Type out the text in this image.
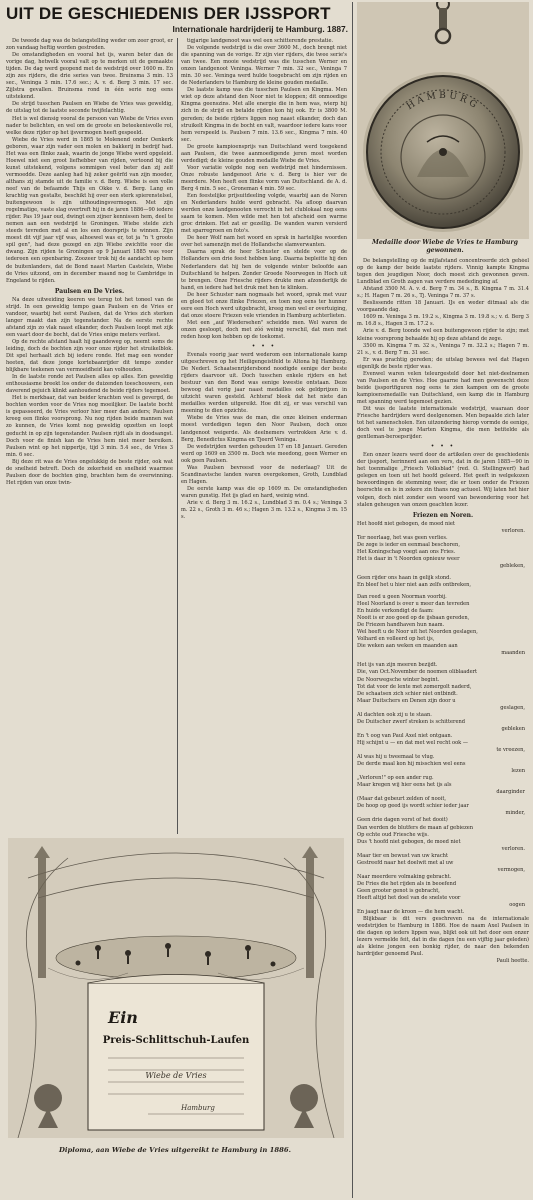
UIT DE GESCHIEDENIS DER IJSSPORT
Internationale hardrijderij te Hamburg. 1887.

De tweede dag was de belangstelling weder om zeer groot, er zon vandaag heftig worden gestreden.

De omstandigheden en vooral het ijs, waren beter dan de vorige dag, hetwelk vooral valt op te merken uit de gemaakte tijden. De dag werd geopend met de wedstrijd over 1600 m. En zijn zes rijders, die drie series van twee. Bruinsma 3 min. 13 sec., Veninga 3 min. 17.6 sec.; A. v. d. Berg 3 min. 17 sec. Zijlstra gevallen. Bruinsma rond in één serie nog eens uitstekend.

De strijd tusschen Paulsen en Wiebe de Vries was geweldig, de uitslag tot de laatste seconde twijfelachtig.

Het is wel diensig vooral de persoon van Wiebe de Vries even nader te belichten, en wel om de groote en beteekenisvolle rol, welke deze rijder op het ijsvermogen heeft gespeeld.

Wiebe de Vries werd in 1865 te Molenend onder Oenkerk geboren, waar zijn vader een molen en bakkerij in bedrijf had. Het was een flinke zaak, waarin de jonge Wiebe werd opgeleid. Hoewel niet een groot liefhebber van rijden, vertoond bij die kunst uitstekend, volgens sommigen veel beter dan zij zelf vermoedde. Deze aanleg had hij zeker geërfd van zijn moeder, althans zij stamde uit de familie v. d. Berg. Wiebe is een volle neef van de befaamde Thijs en Okke v. d. Berg. Lang en krachtig van gestalte, beschikt hij over een sterk spierenstelsel, buitengewoon is zijn uithoudingsvermogen. Met zijn regelmatige, vaste slag overtreft hij in de jaren 1886—90 iedere rijder. Pas 19 jaar oud, dwingt een zijner kennissen hem, deel te nemen aan een wedstrijd te Groningen. Wiebe stelde zich steeds tevreden met al en los een doorsprijs te winnen. Zijn moest dit vijf jaar vijf was, alhoewel was er, tot ja "n 't groote spil gen", had deze gezegd en zijn Wiebe zwichtte voor die dwang. Zijn rijden te Groningen op 9 Januari 1885 was voor iedereen een openbaring. Zoozeer trok hij de aandacht op hem de buitenlanders, dat de Bond naast Marten Castelein, Wiebe de Vries uitzond, om in december maand nog te Cambridge in Engeland te rijden.

Paulsen en De Vries.

Na deze uitweiding keeren we terug tot het toneel van de strijd. In een geweldig tempo gaan Paulsen en de Vries er vandoor, waarbij het eerst Paulsen, dat de Vries zich sterken langer maakt dan zijn tegenstander. Na de eerste rechte afstand zijn zo vlak naast elkander, doch Paulsen loopt met zijk een vaart door de bocht, dat de Vries enige meters verliest.

Op de rechte afstand haalt hij gaandeweg op, neemt soms de leiding, doch de bochten zijn voor onze rijder het struikelblok. Dit spel herhaalt zich bij iedere ronde. Het mag een wonder heeten, dat deze jonge kortebaanrijder dit tempo zonder blijkbare teekenen van vermoeidheid kan volhouden.

In de laatste ronde zet Paulsen alles op alles. Een geweldig enthousiasme breekt los onder de duizenden toeschouwers, een daverend gejuich klinkt aanhoudend de beide rijders tegemoet.

Het is merkbaar, dat van beider krachten veel is gevergd, de bochten worden voor de Vries nog moeilijker. De laatste bocht is gepasseerd, de Vries verloor hier meer dan anders; Paulsen kreeg een flinke voorsprong. Nu nog rijden beide mannen wat zo kunnen, de Vries komt nog geweldig opzetten en loopt geducht in op zijn tegenstander. Paulsen rijdt als in doodsangst. Doch voor de finish kan de Vries hem niet meer bereiken. Paulsen wint op het nippertje, tijd 3 min. 5.4 sec., de Vries 3 min. 6 sec.

Bij deze rit was de Vries ongelukkig de beste rijder, ook wat de snelheid betreft. Doch de zekerheid en snelheid waarmee Paulsen door de bochten ging, brachten hem de overwinning. Het rijden van onze twin-

tigjarige landgenoot was wel een schitterende prestatie.

De volgende wedstrijd is die over 3600 M., doch brengt niet die spanning van de vorige. Er zijn vier rijders, die twee serie's van twee. Een mooie wedstrijd was die tusschen Werner en onzen landgenoot Veninga. Werner 7 min. 32 sec., Veninga 7 min. 30 sec. Veninga werd hulde toegebracht om zijn rijden en de Nederlanders te Hamburg de kleine gouden medaille.

De laatste kamp was die tusschen Paulsen en Kingma. Men wiet op deze afstand den Noor niet te kloppen; dit onmoedige Kingma geenszins. Met alle energie die in hem was, wierp hij zich in de strijd en betalde rijden kon hij ook. Er is 3800 M. gereden; de beide rijders liggen nog naast elkander, doch dan struikelt Kingma in de bocht en valt, waardoor iedere kans voor hem verspeeld is. Paulsen 7 min. 13.6 sec., Kingma 7 min. 40 sec.

De groote kampioensprijs van Duitschland werd toegekend aan Paulsen, die twee aanmoedigende jeren most worden verdedigd; de kleine gouden medaille Wiebe de Vries.

Voor variatie volgde nog een wedstrijd met hindernissen. Onze robuste landgenoot Arie v. d. Berg is hier ver de meerdere. Men heeft een flinke vorm van Duitschland. de A. d. Berg 4 min. 5 sec., Groneman 4 min. 59 sec.

Een feestelijke prijsuitdeeling volgde, waarbij aan de Noren en Nederlanders hulde werd gebracht. Na afloop daarvan werden onze landgenooten verrocht in het clublokaal nog eens saam te komen. Men wilde met hen tot afscheid een warme groc drinken. Het zat er gezellig. De wanden waren versierd met sparregroen en foto's.

De heer Wolf nam het woord en sprak in hartelijke woorden over het samenzijn met de Hollandsche slamverwanten.

Daarna sprak de heer Schuster en stelde voor op de Hollanders een drie feest hebben lang. Daarna bepleitte hij den Nederlanders dat hij hen de volgende winter beloofde aan Duitschland te helpen. Zonder Groede Noorwegen in Hoch uit te brengen. Onze Friesche rijders drukte men afzonderlijk de hand, en iedere had het druk met hen te klinken.

De heer Schuster nam nogmaals het woord, sprak met vuur en gloed tot onze flinke Friezen, en toen nog eens ter hunner eere een Hoch werd uitgebracht, kreeg men wel er overtuiging, dat onze stoere Friezen vele vrienden in Hamburg achterlieten.

Met een „auf Wiedersehen" scheidde men. Wel waren de onzen gesloopt, doch met zóó weinig verschil, dat men met reden hoop kon hebben op de toekomst.

• • •

Evenals voorig jaar werd wederom een internationale kamp uitgeschreven op het Heiligengeistfeld te Altona bij Hamburg. De Nederl. Schaatsenrijdersbond noodigde eenige der beste rijders daarvoor uit. Doch tusschen enkele rijders en het bestuur van den Bond was eenige kwestie ontstaan. Deze bewoog dat vorig jaar naast medailles ook geldprijzen in uitzicht waren gesteld. Achteraf bleek dat het niete dan medailles werden uitgereikt. Hoe dit zij, er was verschil van meening te dien opzichte.

Wiebe de Vries was de man, die onze kleinen enderman moest verdedigen tegen den Noor Paulsen, doch onze landgenoot weigerde. Als deelnemers vertrokken Arie v. d. Berg, Benedictus Kingma en Tjeerd Veninga.

De wedstrijden werden gehouden 17 en 18 Januari. Gereden werd op 1609 en 3500 m. Doch wie meedong, geen Werner en ook geen Paulsen.

Was Paulsen bevreesd voor de nederlaag? Uit de Scandinavische landen waren overgekomen, Groth, Lundblad en Hagen.

De eerste kamp was die op 1609 m. De omstandigheden waren gunstig. Het ijs glad en hard, weinig wind.

Arie v. d. Berg 3 m. 16.2 s., Lundblad 3 m. 0.4 s.; Veninga 3 m. 22 s., Groth 3 m. 46 s.; Hagen 3 m. 13.2 s., Kingma 3 m. 15 s.

HAMBURG
Medaille door Wiebe de Vries te Hamburg gewonnen.

De belangstelling op de mijlafstand concentreerde zich gehéel op de kamp der beide laatste rijders. Vinnig kampte Kingma tegen den jeugdigen Noor, doch moest zich gewonnen geven. Lundblad en Groth zagen van verdere mededinging af.

Afstand 3500 M. A. v. d. Berg 7 m. 34 s., B. Kingma 7 m. 31.4 s.; H. Hagen 7 m. 26 s., Tj. Veninga 7 m. 37 s.

Beslissende ritten 18 Januari. IJs en weder ditmaal als die voorgaande dag.

1609 m. Veninga 3 m. 19.2 s., Kingma 3 m. 19.8 s.; v. d. Berg 3 m. 16.8 s., Hagen 3 m. 17.2 s.

Arie v. d. Berg toonde wel een buitengewoon rijder te zijn; met kleine voorsprong behaalde hij op deze afstand de zege.

3500 m. Kingma 7 m. 32 s., Veninga 7 m. 32.2 s.; Hagen 7 m. 21 s., v. d. Berg 7 m. 31 sec.

Er was prachtig gereden; de uitslag bewees wel dat Hagen eigenlijk de beste rijder was.

Evenwel waren velen teleurgesteld door het niet-deelnemen van Paulsen en de Vries. Hoe gaarne had men gewenscht deze beide ijssportfiguren nog eens te zien kampen om de groote kampioensmedaille van Duitschland, een kamp die in Hamburg met spanning werd tegemoet gezien.

Dit was de laatste internationale wedstrijd, waaraan door Friesche hardrijders werd deelgenomen. Men bepaalde zich later tot het samenscholen. Een uitzondering hierop vormde de eenige, doch veel te jonge Marten Kingma, die men betitelde als gentleman-beroepsrijder.

• • •

Een onzer lezers werd door de artikelen over de geschiedenis der ijssport, herinnerd aan een vers, dat in de jaren 1885—90 in het toenmalige „Friesch Volksblad" (red. O. Stellingwerf) had gelegen en toen uit het hoofd geleerd. Het geeft in welgekozen bewoordingen de stemming weer, die er toen onder de Friezen heerschte en is in zekere zin thans nog actueel. Wij laten het hier volgen, doch niet zonder een woord van bewondering voor het stalen geheugen van onzen geachten lezer.

Friezen en Noren.
Het hoofd niet gebogen, de moed niet
verloren.
Ter neerlaag, het was geen verlies.
De zege is ieder en eenmaal beschoren,
Het Koningschap voegt aan ons Fries.
Het is daar in 't Noorden opnieuw weer
gebleken,
Geen rijder ons haan in gelijk stond.
En bleef het u hier niet aan zelfs ontbreken,
Dan reed u geen Noorman voorbij.
Heel Noorland is over u meer dan tevreden
En huide verkondigt de faam:
Nooit is er zoo goed op de ijsbaan gereden,
De Friezen handhaven hun naam.
Wel heeft u de Noor uit het Noorden geslagen,
Volhard en volleerd op het ijs,
Die weken aan weken en maanden aan
maanden
Het ijs van zijn meeren bezijdt.
Die, van Oct.November de noemen oliblaadert
De Noorwegsche winter begint.
Tot dat voor de lente met zomergolt naderd,
De schaatsen zich schier niet ontbindt.
Maar Duitschers en Denen zijn door u
geslagen,
Al dachten ook zij u te staan.
De Duitscher zwerf streken is schitterend
gebleken
En 't oog van Paul Axel niet ontgaan.
Hij schijnt u — en dat met wel recht ook —
te vreezen,
Al was hij u tweemaal te vlug.
De derde maal kon hij misschien wel eens
lezen
„Verloren!" op een ander rug.
Maar kregen wij hier eens het ijs als
daarginder
(Maar dat gebeurt zelden of nooit,
De hoop op geed ijs wordt schier ieder jaar
minder,
Geen drie dagen vorst of het dooit)
Dan werden de blutfers de maan af gebiezen
Op echte oud Friesche wijs.
Dus 't hoofd niet gebogen, de moed niet
verloren.
Maar tier en bewust van uw kracht
Gestreefd naar het doelwit met al uw
vermogen,
Naar meerdere volmaking gebracht.
De Fries die het rijden als in beoefend
Geen grooter genot is gebracht,
Heeft altijd het doel van de snelste voor
oogen
En jaagt naar de kroon — die hem wacht.

Blijkbaar is dit vers geschreven na de internationale wedstrijden te Hamburg in 1886. Hoe de naam Axel Paulsen in die dagen op ieders lippen was, blijkt ook uit het door een onzer lezers vermelde feit, dat in die dagen (nu een vijftig jaar geleden) als kleine jongen een bonkig rijder, de naar den bekenden hardrijder genoemd Paul.

Pauli heette.
Ein
Preis-Schlittschuh-Laufen
Wiebe de Vries
Hamburg
Diploma, aan Wiebe de Vries uitgereikt te Hamburg in 1886.
